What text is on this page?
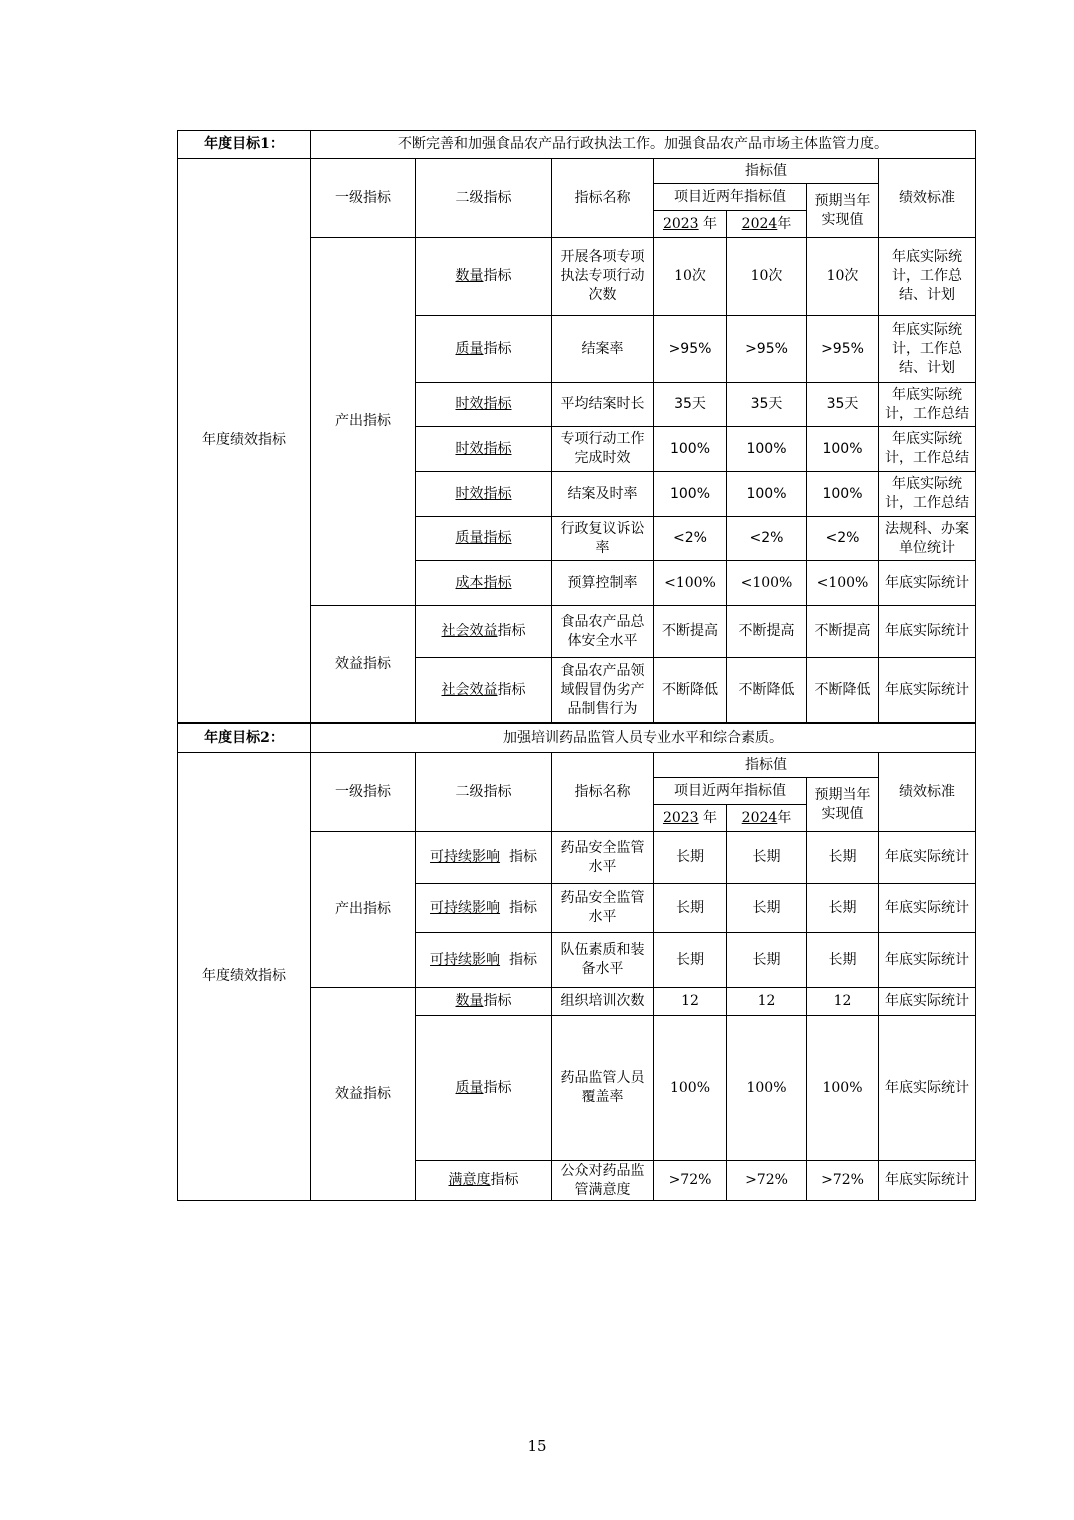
年度目标1：	不断完善和加强食品农产品行政执法工作。加强食品农产品市场主体监管力度。						
年度绩效指标	一级指标	二级指标	指标名称	指标值			绩效标准
				项目近两年指标值		预期当年实现值	
				2023 年	2024年		
	产出指标	数量指标	开展各项专项执法专项行动次数	10次	10次	10次	年底实际统计，工作总结、计划
		质量指标	结案率	>95%	>95%	>95%	年底实际统计，工作总结、计划
		时效指标	平均结案时长	35天	35天	35天	年底实际统计，工作总结
		时效指标	专项行动工作完成时效	100%	100%	100%	年底实际统计，工作总结
		时效指标	结案及时率	100%	100%	100%	年底实际统计，工作总结
		质量指标	行政复议诉讼率	<2%	<2%	<2%	法规科、办案单位统计
		成本指标	预算控制率	<100%	<100%	<100%	年底实际统计
	效益指标	社会效益指标	食品农产品总体安全水平	不断提高	不断提高	不断提高	年底实际统计
		社会效益指标	食品农产品领域假冒伪劣产品制售行为	不断降低	不断降低	不断降低	年底实际统计
年度目标2：	加强培训药品监管人员专业水平和综合素质。						
年度绩效指标	一级指标	二级指标	指标名称	指标值			绩效标准
				项目近两年指标值		预期当年实现值	
				2023 年	2024年		
	产出指标	可持续影响 指标	药品安全监管水平	长期	长期	长期	年底实际统计
		可持续影响 指标	药品安全监管水平	长期	长期	长期	年底实际统计
		可持续影响 指标	队伍素质和装备水平	长期	长期	长期	年底实际统计
	效益指标	数量指标	组织培训次数	12	12	12	年底实际统计
		质量指标	药品监管人员覆盖率	100%	100%	100%	年底实际统计
		满意度指标	公众对药品监管满意度	>72%	>72%	>72%	年底实际统计
15
